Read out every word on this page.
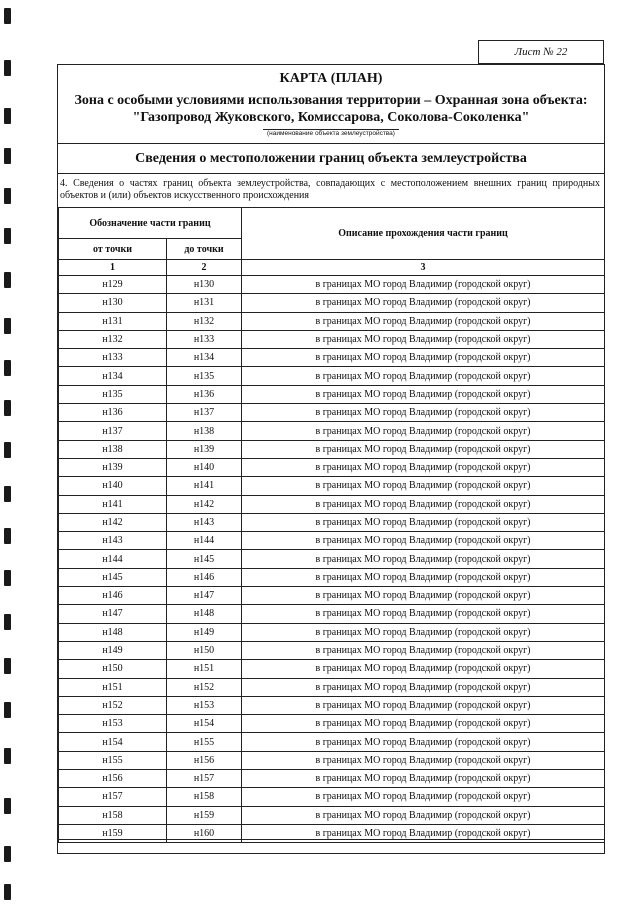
Лист № 22
КАРТА (ПЛАН)
Зона с особыми условиями использования территории – Охранная зона объекта:
"Газопровод Жуковского, Комиссарова, Соколова-Соколенка"
(наименование объекта землеустройства)
Сведения о местоположении границ объекта землеустройства
4. Сведения о частях границ объекта землеустройства, совпадающих с местоположением внешних границ природных объектов и (или) объектов искусственного происхождения
Обозначение части границ		Описание прохождения части границ
от точки	до точки	
1	2	3
н129	н130	в границах МО город Владимир (городской округ)
н130	н131	в границах МО город Владимир (городской округ)
н131	н132	в границах МО город Владимир (городской округ)
н132	н133	в границах МО город Владимир (городской округ)
н133	н134	в границах МО город Владимир (городской округ)
н134	н135	в границах МО город Владимир (городской округ)
н135	н136	в границах МО город Владимир (городской округ)
н136	н137	в границах МО город Владимир (городской округ)
н137	н138	в границах МО город Владимир (городской округ)
н138	н139	в границах МО город Владимир (городской округ)
н139	н140	в границах МО город Владимир (городской округ)
н140	н141	в границах МО город Владимир (городской округ)
н141	н142	в границах МО город Владимир (городской округ)
н142	н143	в границах МО город Владимир (городской округ)
н143	н144	в границах МО город Владимир (городской округ)
н144	н145	в границах МО город Владимир (городской округ)
н145	н146	в границах МО город Владимир (городской округ)
н146	н147	в границах МО город Владимир (городской округ)
н147	н148	в границах МО город Владимир (городской округ)
н148	н149	в границах МО город Владимир (городской округ)
н149	н150	в границах МО город Владимир (городской округ)
н150	н151	в границах МО город Владимир (городской округ)
н151	н152	в границах МО город Владимир (городской округ)
н152	н153	в границах МО город Владимир (городской округ)
н153	н154	в границах МО город Владимир (городской округ)
н154	н155	в границах МО город Владимир (городской округ)
н155	н156	в границах МО город Владимир (городской округ)
н156	н157	в границах МО город Владимир (городской округ)
н157	н158	в границах МО город Владимир (городской округ)
н158	н159	в границах МО город Владимир (городской округ)
н159	н160	в границах МО город Владимир (городской округ)
